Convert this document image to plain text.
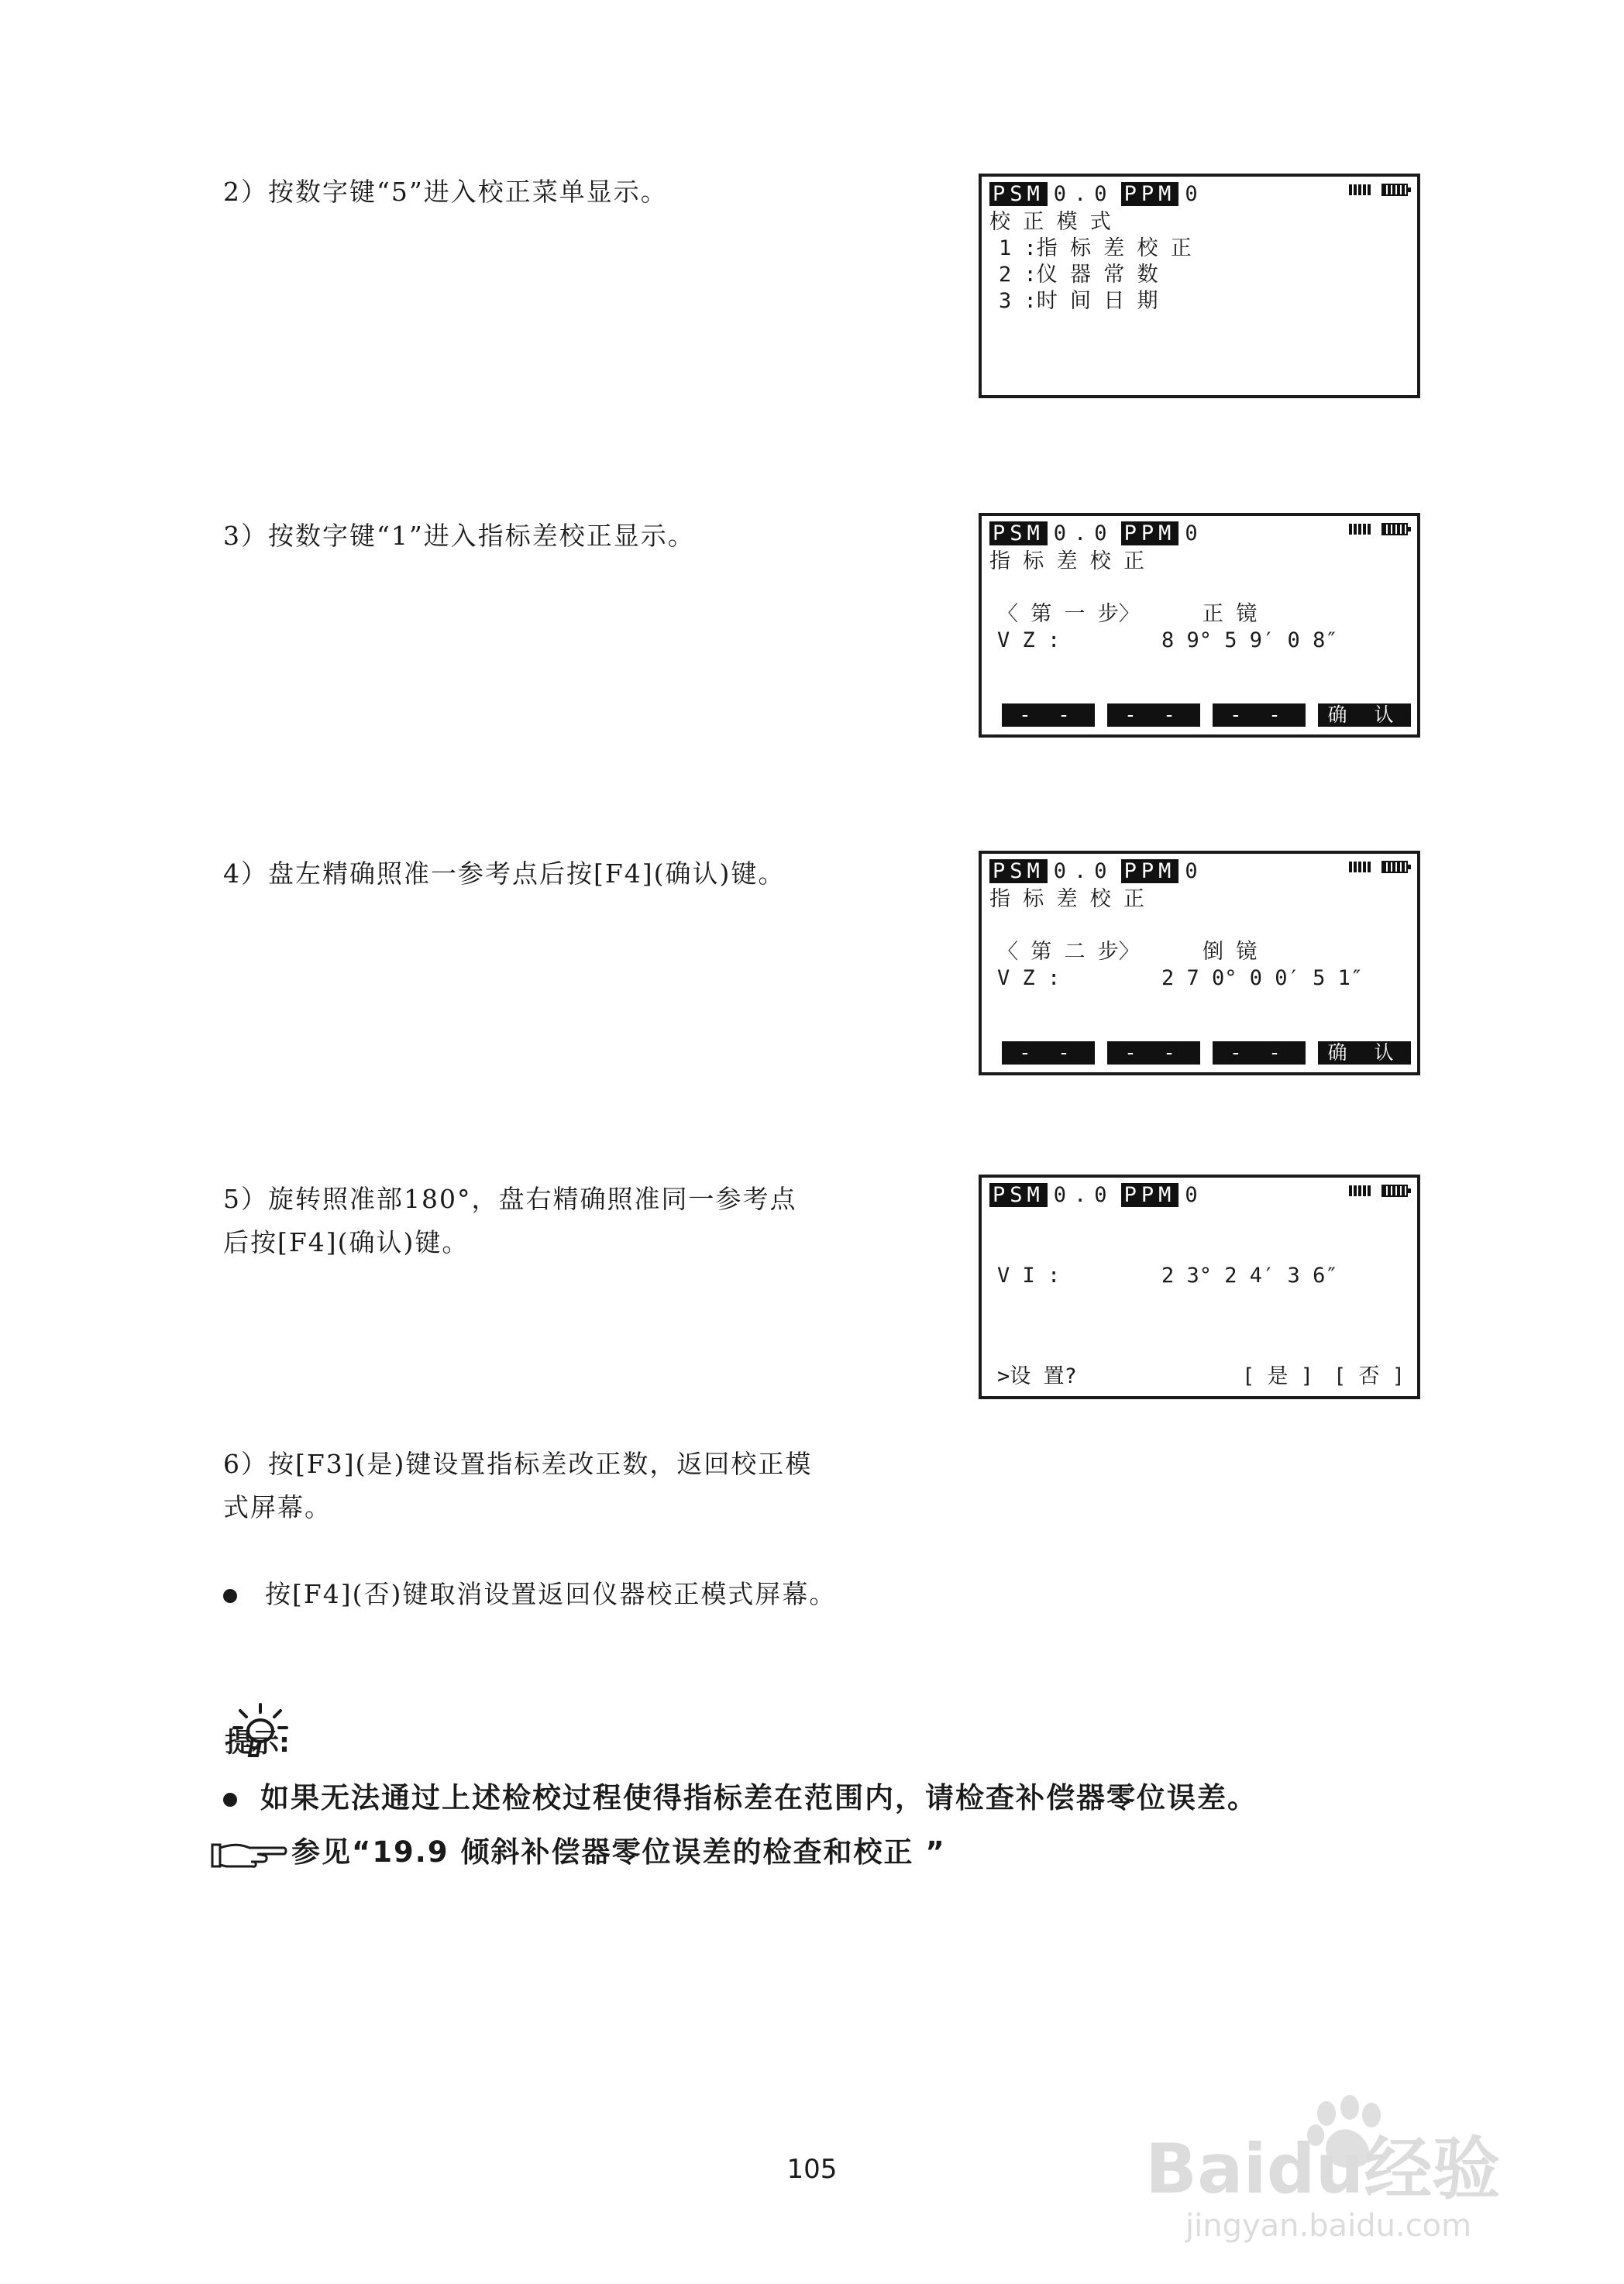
2）按数字键“5”进入校正菜单显示。
3）按数字键“1”进入指标差校正显示。
4）盘左精确照准一参考点后按[F4](确认)键。
5）旋转照准部180°，盘右精确照准同一参考点
后按[F4](确认)键。
6）按[F3](是)键设置指标差改正数，返回校正模
式屏幕。
按[F4](否)键取消设置返回仪器校正模式屏幕。
PSM 0.0 PPM 0
校 正 模 式
1 :指 标 差 校 正
2 :仪 器 常 数
3 :时 间 日 期
PSM 0.0 PPM 0
指 标 差 校 正
〈 第 一 步〉     正 镜
V Z :	8 9° 5 9′ 0 8″
- - -
- - -
- - -
确 认
PSM 0.0 PPM 0
指 标 差 校 正
〈 第 二 步〉     倒 镜
V Z :	2 7 0° 0 0′ 5 1″
- - -
- - -
- - -
确 认
PSM 0.0 PPM 0
V I :	2 3° 2 4′ 3 6″
>设 置?	[ 是 ] [ 否 ]
提示:
如果无法通过上述检校过程使得指标差在范围内，请检查补偿器零位误差。
参见“19.9 倾斜补偿器零位误差的检查和校正 ”
105	Baidu经验
jingyan.baidu.com
